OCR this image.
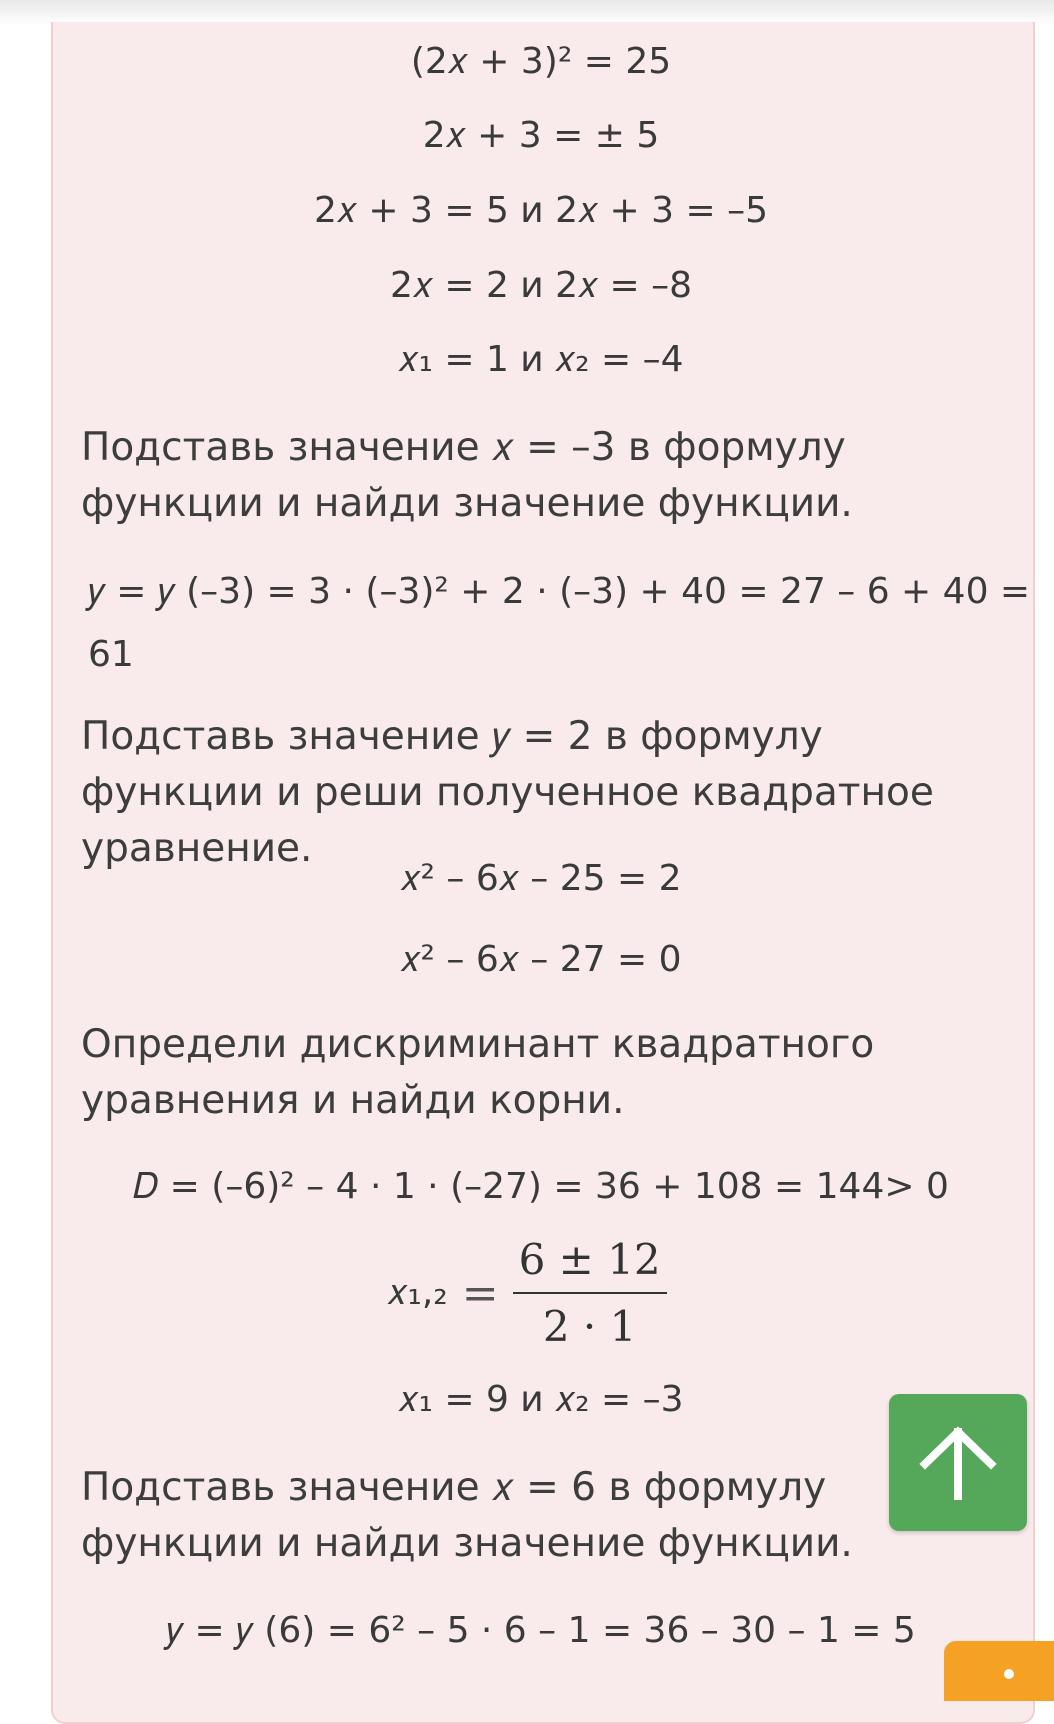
(2𝑥 + 3)² = 25
2𝑥 + 3 = ± 5
2𝑥 + 3 = 5 и 2𝑥 + 3 = –5
2𝑥 = 2 и 2𝑥 = –8
𝑥₁ = 1 и 𝑥₂ = –4
Подставь значение 𝑥 = –3 в формулу функции и найди значение функции.
𝑦 = 𝑦 (–3) = 3 · (–3)² + 2 · (–3) + 40 = 27 – 6 + 40 =
61
Подставь значение 𝑦 = 2 в формулу функции и реши полученное квадратное уравнение.
𝑥² – 6𝑥 – 25 = 2
𝑥² – 6𝑥 – 27 = 0
Определи дискриминант квадратного уравнения и найди корни.
𝐷 = (–6)² – 4 · 1 · (–27) = 36 + 108 = 144> 0
𝑥₁,₂ = $\frac{6 \pm 12}{2 \cdot 1}$
𝑥₁ = 9 и 𝑥₂ = –3
Подставь значение 𝑥 = 6 в формулу функции и найди значение функции.
𝑦 = 𝑦 (6) = 6² – 5 · 6 – 1 = 36 – 30 – 1 = 5
